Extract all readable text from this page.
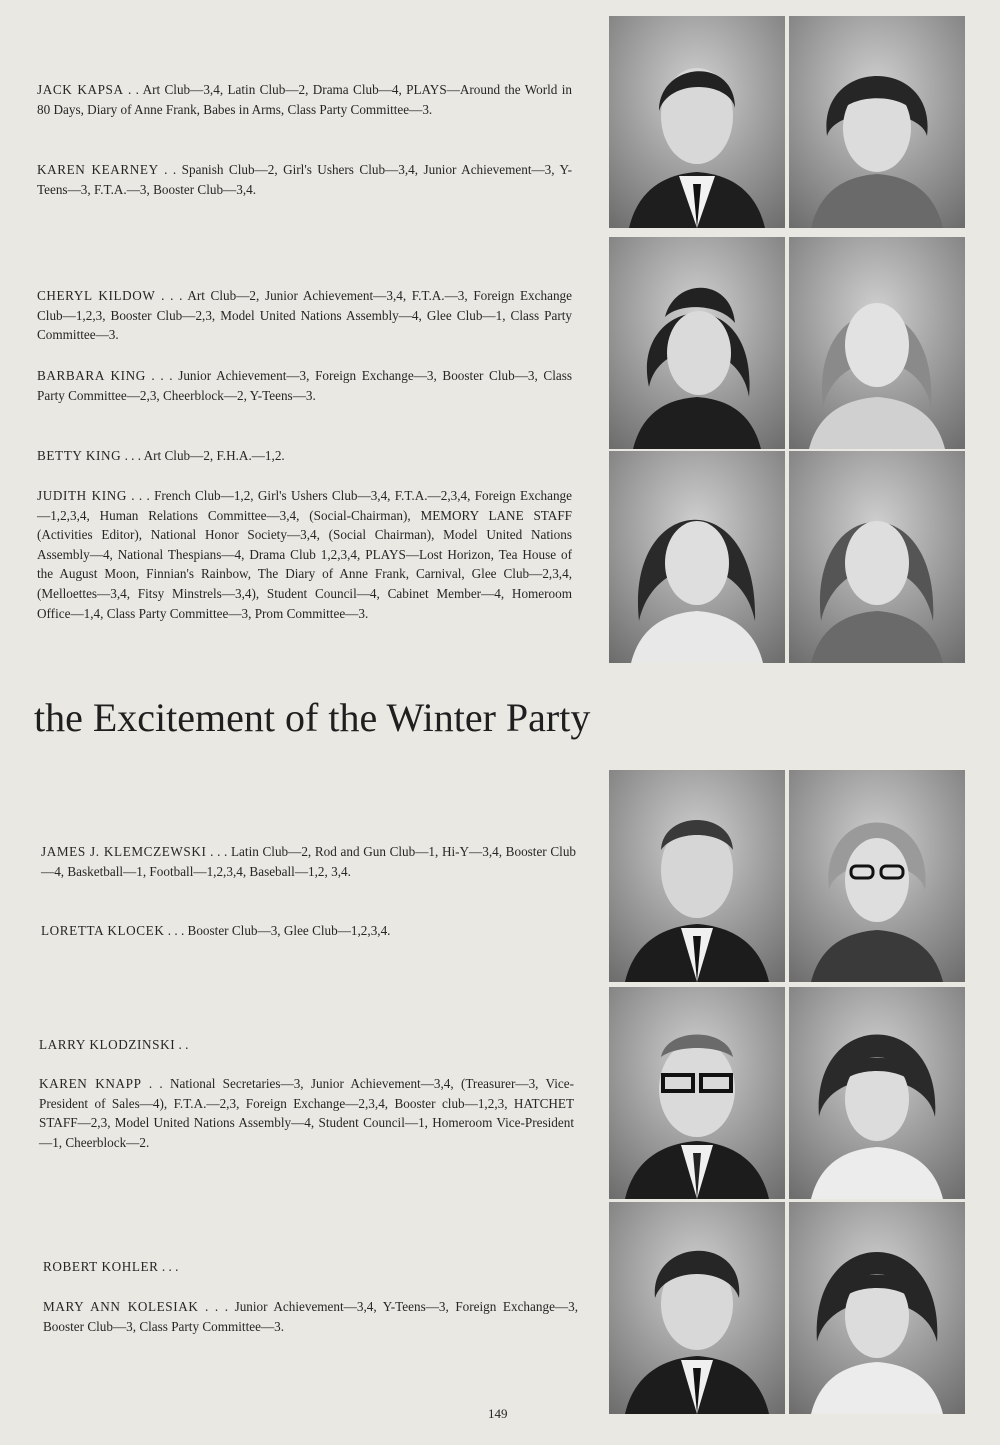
JACK KAPSA . . Art Club—3,4, Latin Club—2, Drama Club—4, PLAYS—Around the World in 80 Days, Diary of Anne Frank, Babes in Arms, Class Party Committee—3.
KAREN KEARNEY . . Spanish Club—2, Girl's Ushers Club—3,4, Junior Achievement—3, Y-Teens—3, F.T.A.—3, Booster Club—3,4.
CHERYL KILDOW . . . Art Club—2, Junior Achievement—3,4, F.T.A.—3, Foreign Exchange Club—1,2,3, Booster Club—2,3, Model United Nations Assembly—4, Glee Club—1, Class Party Committee—3.
BARBARA KING . . . Junior Achievement—3, Foreign Exchange—3, Booster Club—3, Class Party Committee—2,3, Cheerblock—2, Y-Teens—3.
BETTY KING . . . Art Club—2, F.H.A.—1,2.
JUDITH KING . . . French Club—1,2, Girl's Ushers Club—3,4, F.T.A.—2,3,4, Foreign Exchange—1,2,3,4, Human Relations Committee—3,4, (Social-Chairman), MEMORY LANE STAFF (Activities Editor), National Honor Society—3,4, (Social Chairman), Model United Nations Assembly—4, National Thespians—4, Drama Club 1,2,3,4, PLAYS—Lost Horizon, Tea House of the August Moon, Finnian's Rainbow, The Diary of Anne Frank, Carnival, Glee Club—2,3,4, (Melloettes—3,4, Fitsy Minstrels—3,4), Student Council—4, Cabinet Member—4, Homeroom Office—1,4, Class Party Committee—3, Prom Committee—3.
the Excitement of the Winter Party
JAMES J. KLEMCZEWSKI . . . Latin Club—2, Rod and Gun Club—1, Hi-Y—3,4, Booster Club—4, Basketball—1, Football—1,2,3,4, Baseball—1,2, 3,4.
LORETTA KLOCEK . . . Booster Club—3, Glee Club—1,2,3,4.
LARRY KLODZINSKI . .
KAREN KNAPP . . National Secretaries—3, Junior Achievement—3,4, (Treasurer—3, Vice-President of Sales—4), F.T.A.—2,3, Foreign Exchange—2,3,4, Booster club—1,2,3, HATCHET STAFF—2,3, Model United Nations Assembly—4, Student Council—1, Homeroom Vice-President—1, Cheerblock—2.
ROBERT KOHLER . . .
MARY ANN KOLESIAK . . . Junior Achievement—3,4, Y-Teens—3, Foreign Exchange—3, Booster Club—3, Class Party Committee—3.
149
